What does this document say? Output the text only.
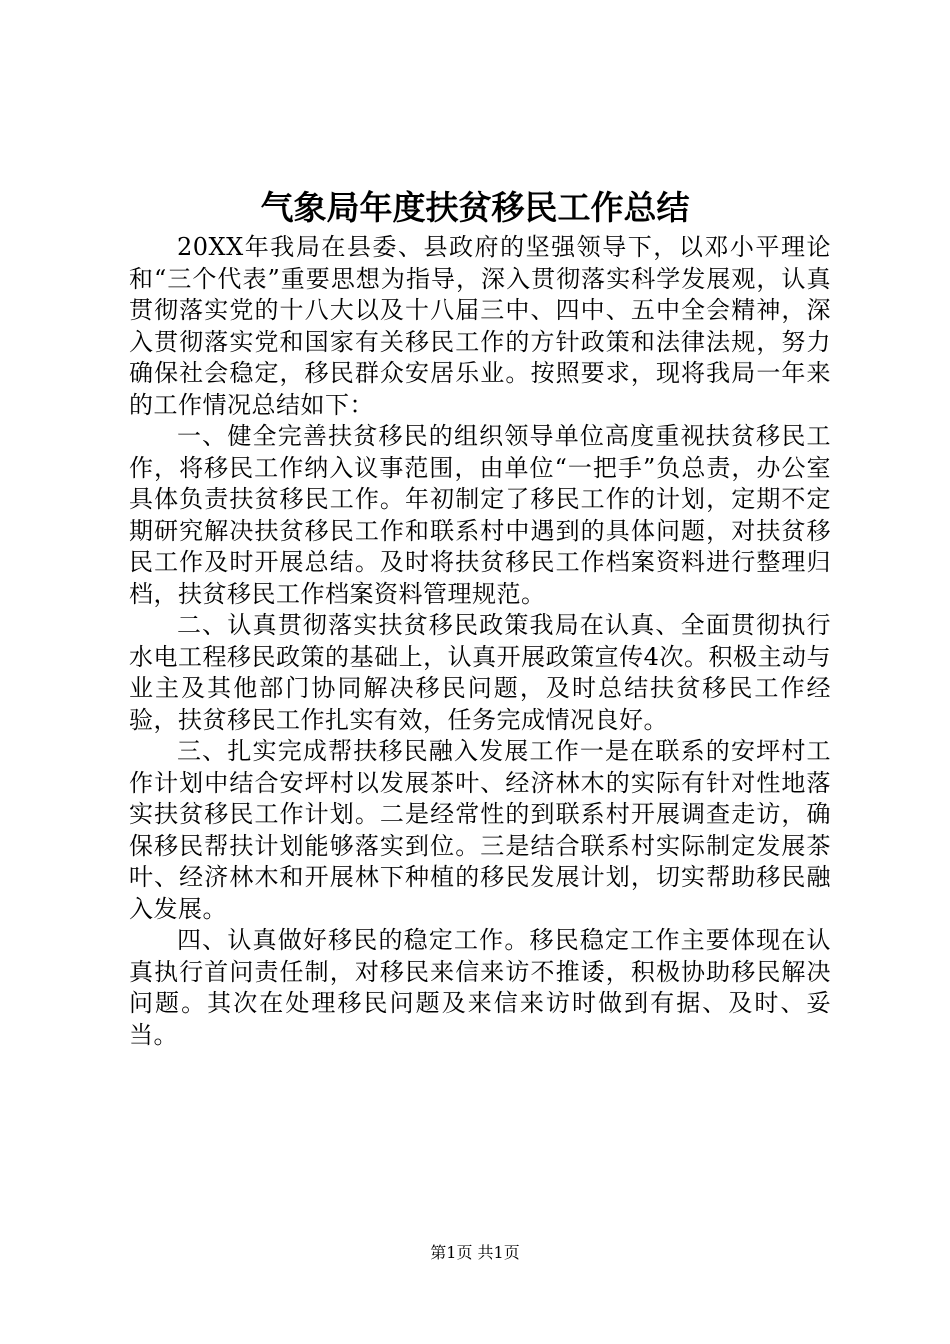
气象局年度扶贫移民工作总结

20XX年我局在县委、县政府的坚强领导下，以邓小平理论和“三个代表”重要思想为指导，深入贯彻落实科学发展观，认真贯彻落实党的十八大以及十八届三中、四中、五中全会精神，深入贯彻落实党和国家有关移民工作的方针政策和法律法规，努力确保社会稳定，移民群众安居乐业。按照要求，现将我局一年来的工作情况总结如下：

一、健全完善扶贫移民的组织领导单位高度重视扶贫移民工作，将移民工作纳入议事范围，由单位“一把手”负总责，办公室具体负责扶贫移民工作。年初制定了移民工作的计划，定期不定期研究解决扶贫移民工作和联系村中遇到的具体问题，对扶贫移民工作及时开展总结。及时将扶贫移民工作档案资料进行整理归档，扶贫移民工作档案资料管理规范。

二、认真贯彻落实扶贫移民政策我局在认真、全面贯彻执行水电工程移民政策的基础上，认真开展政策宣传4次。积极主动与业主及其他部门协同解决移民问题，及时总结扶贫移民工作经验，扶贫移民工作扎实有效，任务完成情况良好。

三、扎实完成帮扶移民融入发展工作一是在联系的安坪村工作计划中结合安坪村以发展茶叶、经济林木的实际有针对性地落实扶贫移民工作计划。二是经常性的到联系村开展调查走访，确保移民帮扶计划能够落实到位。三是结合联系村实际制定发展茶叶、经济林木和开展林下种植的移民发展计划，切实帮助移民融入发展。

四、认真做好移民的稳定工作。移民稳定工作主要体现在认真执行首问责任制，对移民来信来访不推诿，积极协助移民解决问题。其次在处理移民问题及来信来访时做到有据、及时、妥当。

第1页 共1页
